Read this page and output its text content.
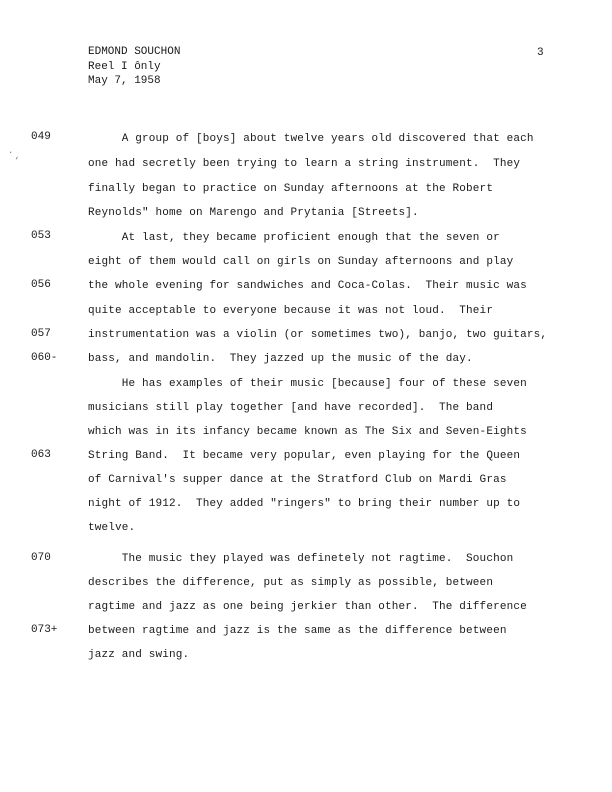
EDMOND SOUCHON
Reel I ônly
May 7, 1958
3
049	A group of [boys] about twelve years old discovered that each
one had secretly been trying to learn a string instrument.  They
finally began to practice on Sunday afternoons at the Robert
Reynolds" home on Marengo and Prytania [Streets].
053	At last, they became proficient enough that the seven or
eight of them would call on girls on Sunday afternoons and play
056	the whole evening for sandwiches and Coca-Colas.  Their music was
quite acceptable to everyone because it was not loud.  Their
057	instrumentation was a violin (or sometimes two), banjo, two guitars,
060-	bass, and mandolin.  They jazzed up the music of the day.
He has examples of their music [because] four of these seven
musicians still play together [and have recorded].  The band
which was in its infancy became known as The Six and Seven-Eights
063	String Band.  It became very popular, even playing for the Queen
of Carnival's supper dance at the Stratford Club on Mardi Gras
night of 1912.  They added "ringers" to bring their number up to
twelve.
070	The music they played was definetely not ragtime.  Souchon
describes the difference, put as simply as possible, between
ragtime and jazz as one being jerkier than other.  The difference
073+	between ragtime and jazz is the same as the difference between
jazz and swing.
·
‘
